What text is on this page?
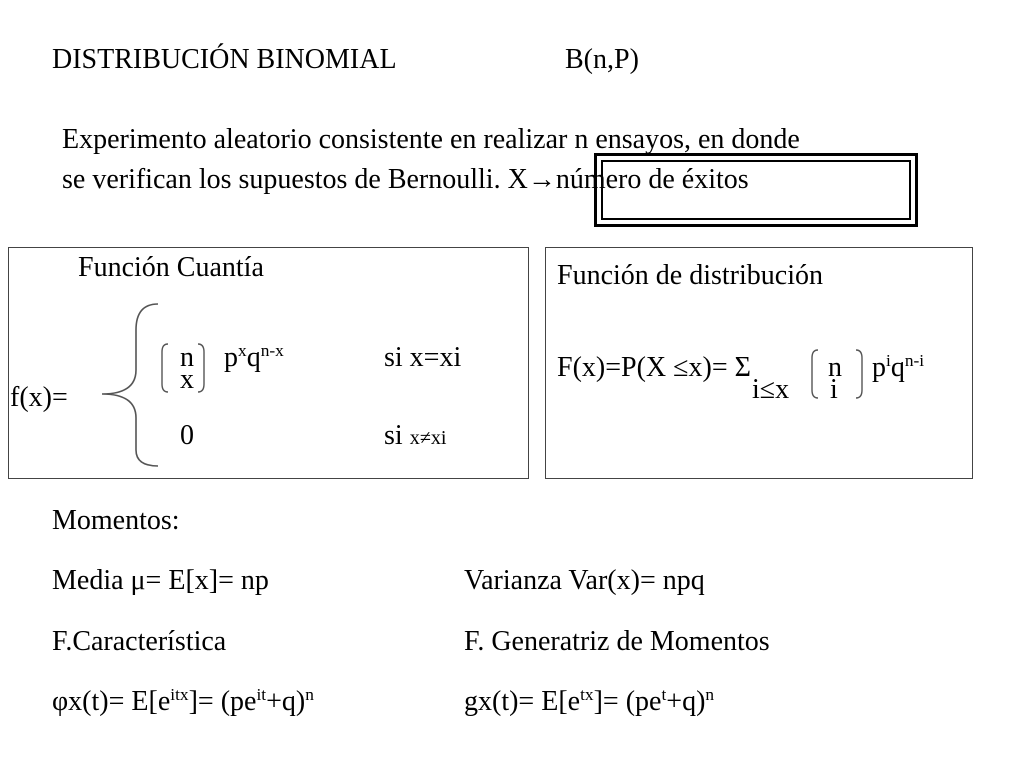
DISTRIBUCIÓN BINOMIAL	B(n,P)
Experimento aleatorio consistente en realizar n ensayos, en donde
se verifican los supuestos de Bernoulli. X→número de éxitos
Función Cuantía
f(x)=
n
x
$p^xq^{n-x}$	si x=xi
0	si x≠xi
Función de distribución
F(x)=P(X ≤x)= Σ
i≤x
n
i
$p^iq^{n-i}$
Momentos:
Media μ= E[x]= np	Varianza Var(x)= npq
F.Característica	F. Generatriz de Momentos
$\varphi x(t)= E[e^{itx}]= (pe^{it}+q)^n$	$gx(t)= E[e^{tx}]= (pe^t+q)^n$
